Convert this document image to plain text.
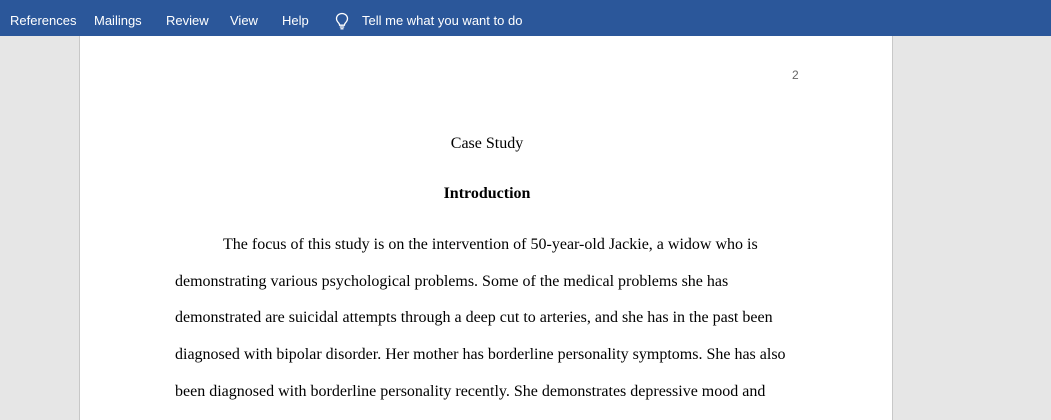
References Mailings Review View Help	Tell me what you want to do
2
Case Study
Introduction
The focus of this study is on the intervention of 50-year-old Jackie, a widow who is
demonstrating various psychological problems. Some of the medical problems she has
demonstrated are suicidal attempts through a deep cut to arteries, and she has in the past been
diagnosed with bipolar disorder. Her mother has borderline personality symptoms. She has also
been diagnosed with borderline personality recently. She demonstrates depressive mood and
